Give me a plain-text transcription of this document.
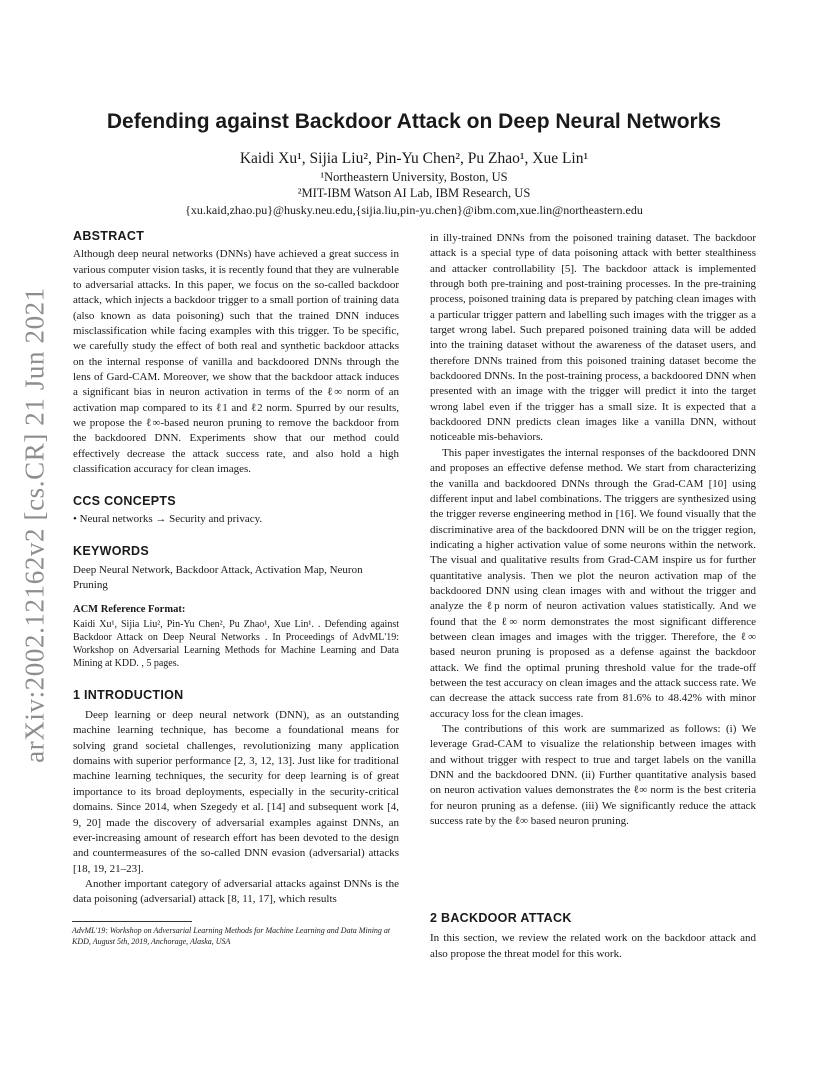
arXiv:2002.12162v2 [cs.CR] 21 Jun 2021
Defending against Backdoor Attack on Deep Neural Networks
Kaidi Xu¹, Sijia Liu², Pin-Yu Chen², Pu Zhao¹, Xue Lin¹
¹Northeastern University, Boston, US
²MIT-IBM Watson AI Lab, IBM Research, US
{xu.kaid,zhao.pu}@husky.neu.edu,{sijia.liu,pin-yu.chen}@ibm.com,xue.lin@northeastern.edu
ABSTRACT

Although deep neural networks (DNNs) have achieved a great success in various computer vision tasks, it is recently found that they are vulnerable to adversarial attacks. In this paper, we focus on the so-called backdoor attack, which injects a backdoor trigger to a small portion of training data (also known as data poisoning) such that the trained DNN induces misclassification while facing examples with this trigger. To be specific, we carefully study the effect of both real and synthetic backdoor attacks on the internal response of vanilla and backdoored DNNs through the lens of Gard-CAM. Moreover, we show that the backdoor attack induces a significant bias in neuron activation in terms of the ℓ∞ norm of an activation map compared to its ℓ1 and ℓ2 norm. Spurred by our results, we propose the ℓ∞-based neuron pruning to remove the backdoor from the backdoored DNN. Experiments show that our method could effectively decrease the attack success rate, and also hold a high classification accuracy for clean images.

CCS CONCEPTS

• Neural networks → Security and privacy.

KEYWORDS

Deep Neural Network, Backdoor Attack, Activation Map, Neuron Pruning

ACM Reference Format:

Kaidi Xu¹, Sijia Liu², Pin-Yu Chen², Pu Zhao¹, Xue Lin¹. . Defending against Backdoor Attack on Deep Neural Networks . In Proceedings of AdvML'19: Workshop on Adversarial Learning Methods for Machine Learning and Data Mining at KDD. , 5 pages.

1 INTRODUCTION

Deep learning or deep neural network (DNN), as an outstanding machine learning technique, has become a foundational means for solving grand societal challenges, revolutionizing many application domains with superior performance [2, 3, 12, 13]. Just like for traditional machine learning techniques, the security for deep learning is of great importance to its broad deployments, especially in the security-critical domains. Since 2014, when Szegedy et al. [14] and subsequent work [4, 9, 20] made the discovery of adversarial examples against DNNs, an ever-increasing amount of research effort has been devoted to the design and countermeasures of the so-called DNN evasion (adversarial) attacks [18, 19, 21–23].

Another important category of adversarial attacks against DNNs is the data poisoning (adversarial) attack [8, 11, 17], which results

AdvML'19: Workshop on Adversarial Learning Methods for Machine Learning and Data Mining at KDD, August 5th, 2019, Anchorage, Alaska, USA

in illy-trained DNNs from the poisoned training dataset. The backdoor attack is a special type of data poisoning attack with better stealthiness and attacker controllability [5]. The backdoor attack is implemented through both pre-training and post-training processes. In the pre-training process, poisoned training data is prepared by patching clean images with a particular trigger pattern and labelling such images with the trigger as a target wrong label. Such prepared poisoned training data will be added into the training dataset without the awareness of the dataset users, and therefore DNNs trained from this poisoned training dataset become the backdoored DNNs. In the post-training process, a backdoored DNN when presented with an image with the trigger will predict it into the target wrong label even if the trigger has a small size. It is expected that a backdoored DNN predicts clean images like a vanilla DNN, without noticeable mis-behaviors.

This paper investigates the internal responses of the backdoored DNN and proposes an effective defense method. We start from characterizing the vanilla and backdoored DNNs through the Grad-CAM [10] using different input and label combinations. The triggers are synthesized using the trigger reverse engineering method in [16]. We found visually that the discriminative area of the backdoored DNN will be on the trigger region, indicating a higher activation value of some neurons within the network. The visual and qualitative results from Grad-CAM inspire us for further quantitative analysis. Then we plot the neuron activation map of the backdoored DNN using clean images with and without the trigger and analyze the ℓp norm of neuron activation values statistically. And we found that the ℓ∞ norm demonstrates the most significant difference between clean images and images with the trigger. Therefore, the ℓ∞ based neuron pruning is proposed as a defense against the backdoor attack. We find the optimal pruning threshold value for the trade-off between the test accuracy on clean images and the attack success rate. We can decrease the attack success rate from 81.6% to 48.42% with minor accuracy loss for the clean images.

The contributions of this work are summarized as follows: (i) We leverage Grad-CAM to visualize the relationship between images with and without trigger with respect to true and target labels on the vanilla DNN and the backdoored DNN. (ii) Further quantitative analysis based on neuron activation values demonstrates the ℓ∞ norm is the best criteria for neuron pruning as a defense. (iii) We significantly reduce the attack success rate by the ℓ∞ based neuron pruning.

2 BACKDOOR ATTACK

In this section, we review the related work on the backdoor attack and also propose the threat model for this work.
